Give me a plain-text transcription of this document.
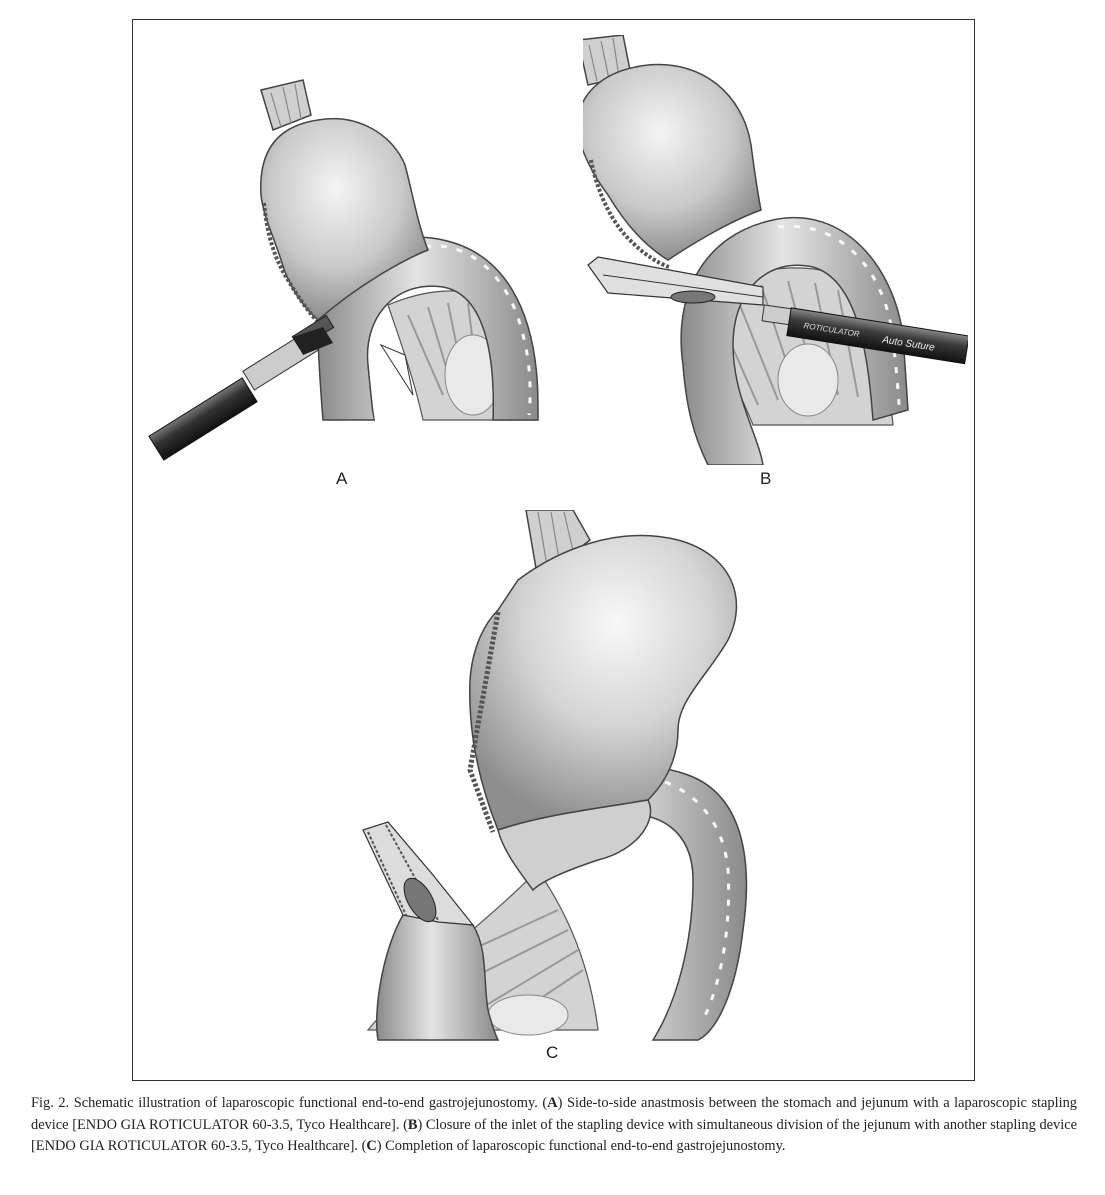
A
ROTICULATOR
Auto Suture
B
C
Fig. 2. Schematic illustration of laparoscopic functional end-to-end gastrojejunostomy. (A) Side-to-side anastmosis between the stomach and jejunum with a laparoscopic stapling device [ENDO GIA ROTICULATOR 60-3.5, Tyco Healthcare]. (B) Closure of the inlet of the stapling device with simultaneous division of the jejunum with another stapling device [ENDO GIA ROTICULATOR 60-3.5, Tyco Healthcare]. (C) Completion of laparoscopic functional end-to-end gastrojejunostomy.
